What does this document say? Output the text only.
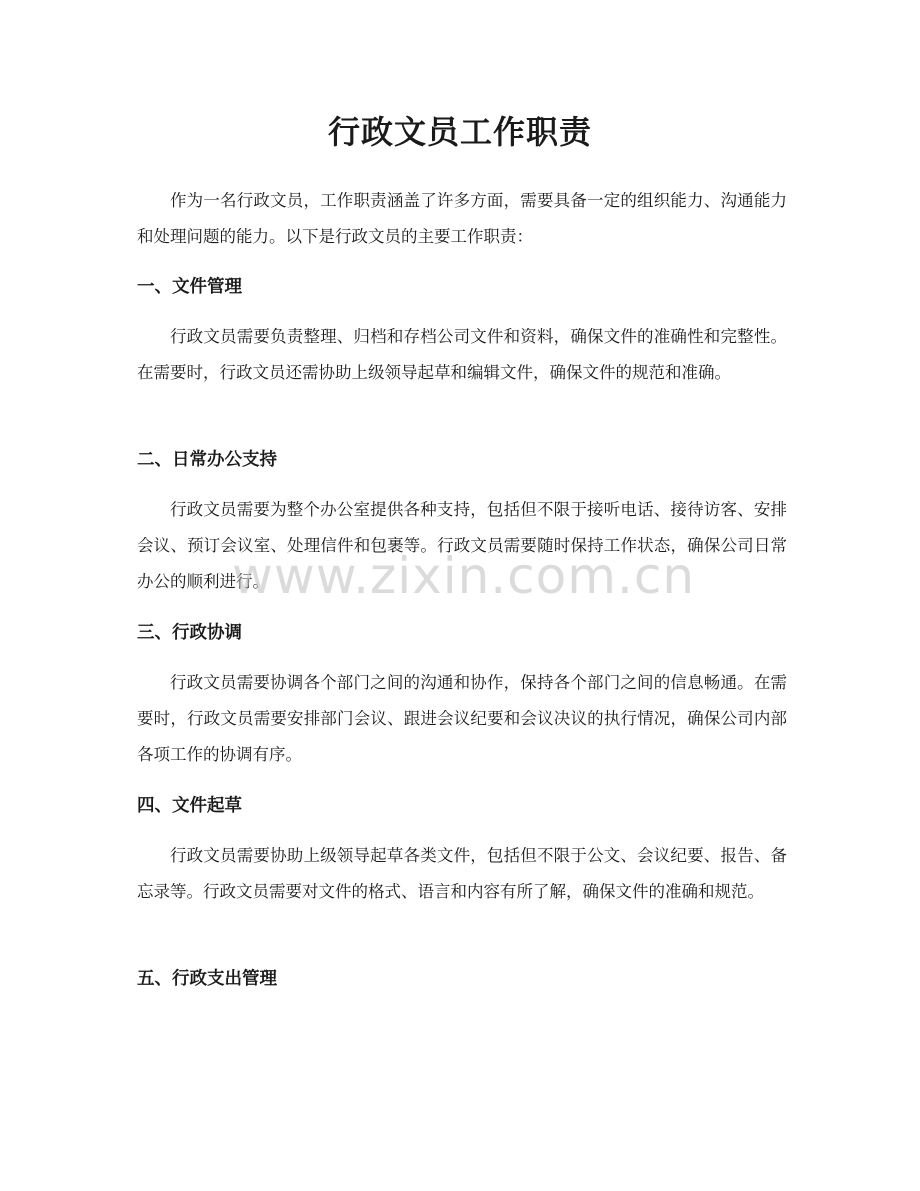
行政文员工作职责
作为一名行政文员，工作职责涵盖了许多方面，需要具备一定的组织能力、沟通能力和处理问题的能力。以下是行政文员的主要工作职责：
一、文件管理
行政文员需要负责整理、归档和存档公司文件和资料，确保文件的准确性和完整性。在需要时，行政文员还需协助上级领导起草和编辑文件，确保文件的规范和准确。
二、日常办公支持
行政文员需要为整个办公室提供各种支持，包括但不限于接听电话、接待访客、安排会议、预订会议室、处理信件和包裹等。行政文员需要随时保持工作状态，确保公司日常办公的顺利进行。
三、行政协调
行政文员需要协调各个部门之间的沟通和协作，保持各个部门之间的信息畅通。在需要时，行政文员需要安排部门会议、跟进会议纪要和会议决议的执行情况，确保公司内部各项工作的协调有序。
四、文件起草
行政文员需要协助上级领导起草各类文件，包括但不限于公文、会议纪要、报告、备忘录等。行政文员需要对文件的格式、语言和内容有所了解，确保文件的准确和规范。
五、行政支出管理
www.zixin.com.cn
